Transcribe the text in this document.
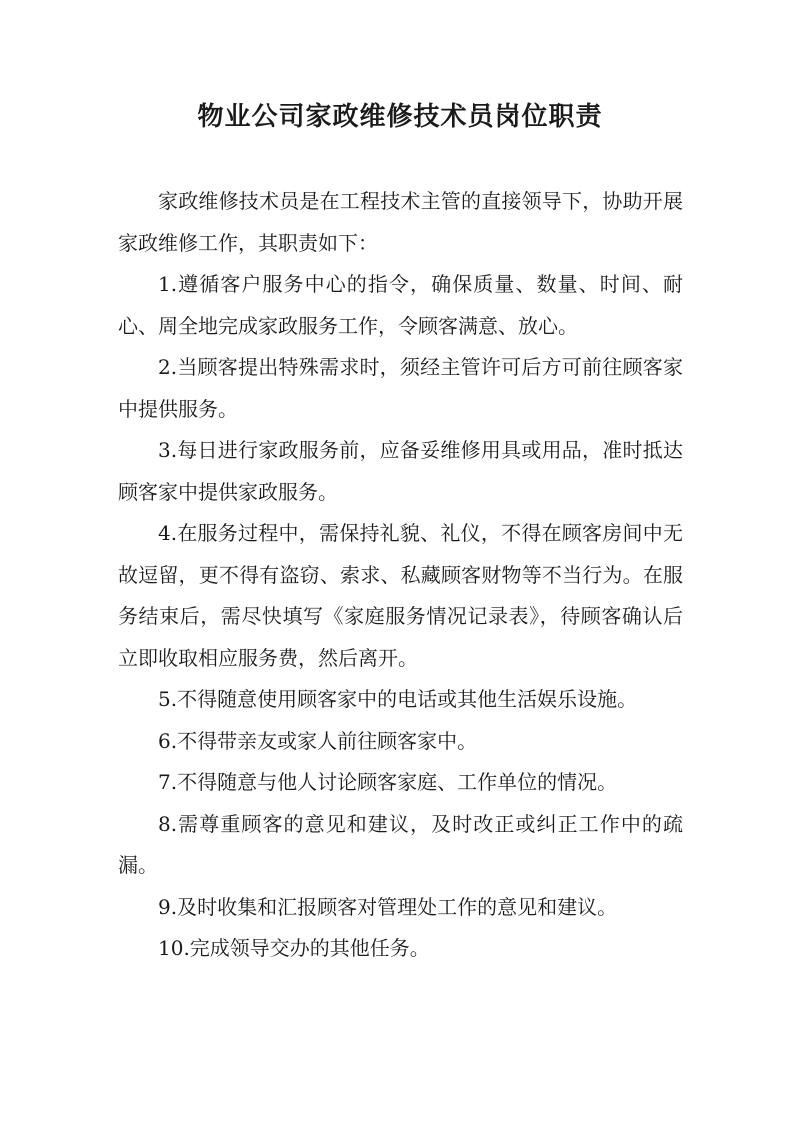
物业公司家政维修技术员岗位职责

家政维修技术员是在工程技术主管的直接领导下，协助开展家政维修工作，其职责如下：

1.遵循客户服务中心的指令，确保质量、数量、时间、耐心、周全地完成家政服务工作，令顾客满意、放心。

2.当顾客提出特殊需求时，须经主管许可后方可前往顾客家中提供服务。

3.每日进行家政服务前，应备妥维修用具或用品，准时抵达顾客家中提供家政服务。

4.在服务过程中，需保持礼貌、礼仪，不得在顾客房间中无故逗留，更不得有盗窃、索求、私藏顾客财物等不当行为。在服务结束后，需尽快填写《家庭服务情况记录表》，待顾客确认后立即收取相应服务费，然后离开。

5.不得随意使用顾客家中的电话或其他生活娱乐设施。

6.不得带亲友或家人前往顾客家中。

7.不得随意与他人讨论顾客家庭、工作单位的情况。

8.需尊重顾客的意见和建议，及时改正或纠正工作中的疏漏。

9.及时收集和汇报顾客对管理处工作的意见和建议。

10.完成领导交办的其他任务。
